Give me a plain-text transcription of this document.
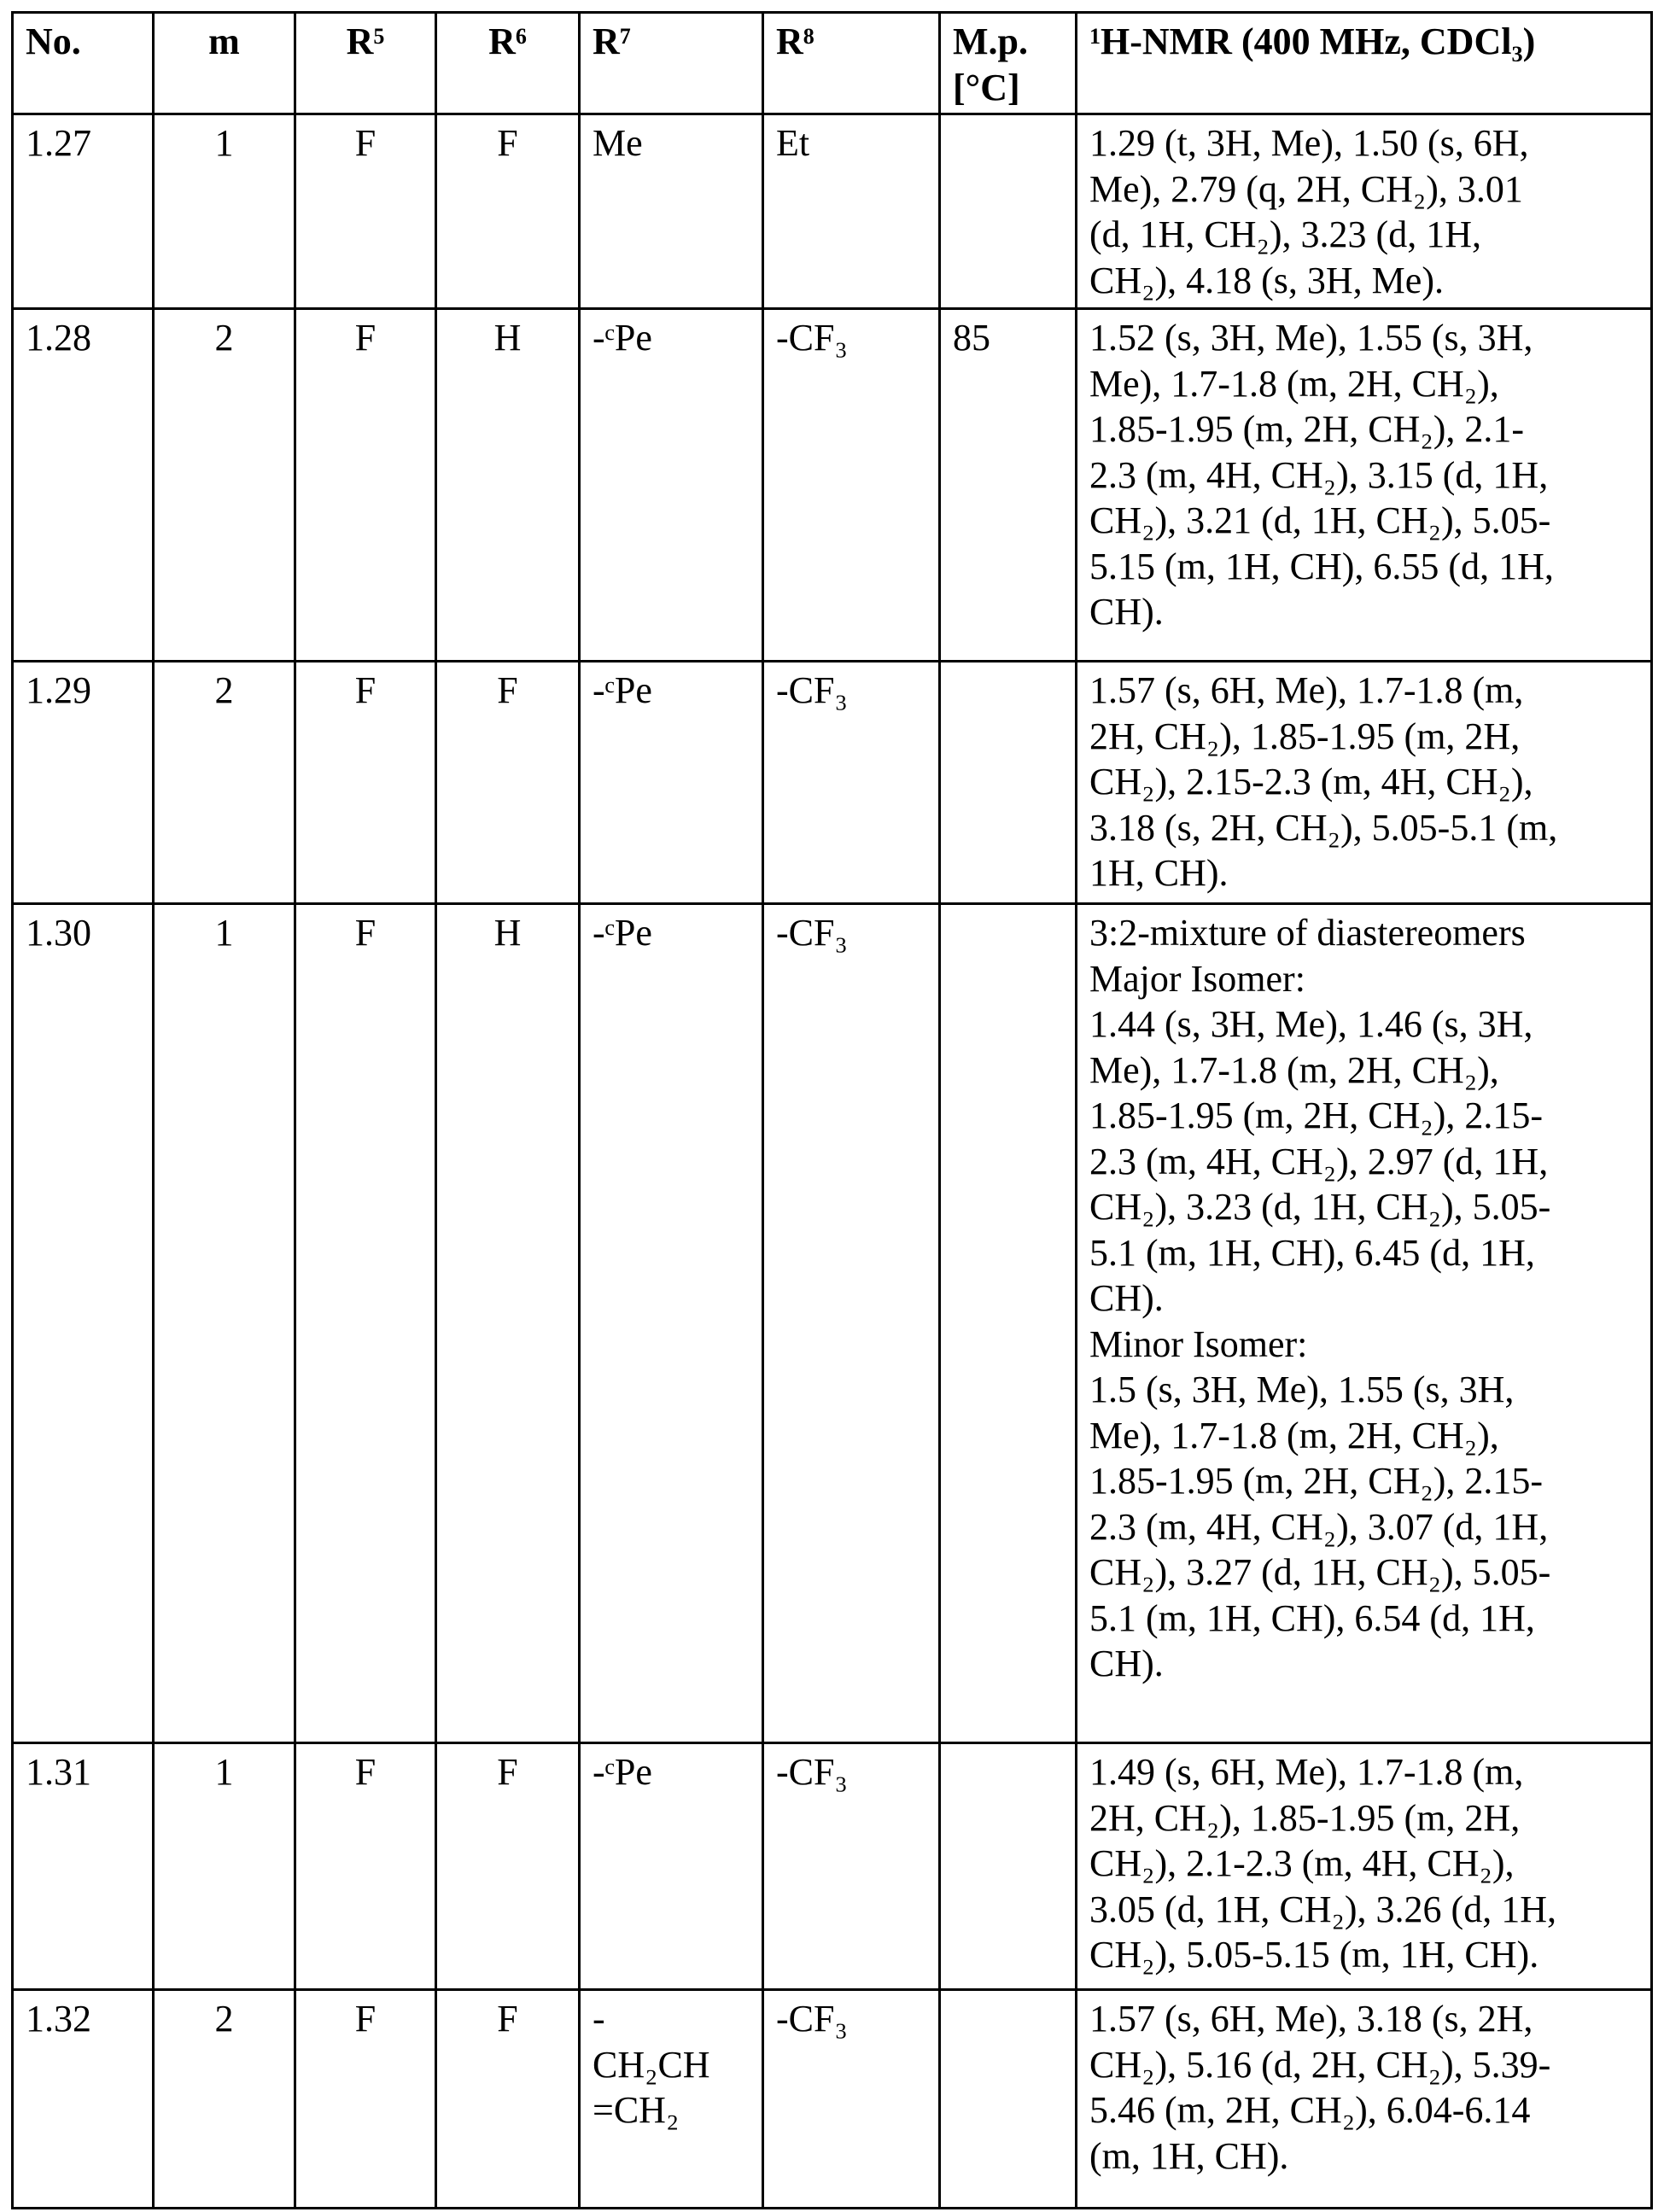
No.	m	R5	R6	R7	R8	M.p.
[°C]
	1H-NMR (400 MHz, CDCl₃)
1.27	1	F	F	Me	Et		1.29 (t, 3H, Me), 1.50 (s, 6H,
Me), 2.79 (q, 2H, CH₂), 3.01
(d, 1H, CH₂), 3.23 (d, 1H,
CH₂), 4.18 (s, 3H, Me).

1.28	2	F	H	-ᶜPe	-CF₃	85	1.52 (s, 3H, Me), 1.55 (s, 3H,
Me), 1.7-1.8 (m, 2H, CH₂),
1.85-1.95 (m, 2H, CH₂), 2.1-
2.3 (m, 4H, CH₂), 3.15 (d, 1H,
CH₂), 3.21 (d, 1H, CH₂), 5.05-
5.15 (m, 1H, CH), 6.55 (d, 1H,
CH).

1.29	2	F	F	-ᶜPe	-CF₃		1.57 (s, 6H, Me), 1.7-1.8 (m,
2H, CH₂), 1.85-1.95 (m, 2H,
CH₂), 2.15-2.3 (m, 4H, CH₂),
3.18 (s, 2H, CH₂), 5.05-5.1 (m,
1H, CH).

1.30	1	F	H	-ᶜPe	-CF₃		3:2-mixture of diastereomers
Major Isomer:
1.44 (s, 3H, Me), 1.46 (s, 3H,
Me), 1.7-1.8 (m, 2H, CH₂),
1.85-1.95 (m, 2H, CH₂), 2.15-
2.3 (m, 4H, CH₂), 2.97 (d, 1H,
CH₂), 3.23 (d, 1H, CH₂), 5.05-
5.1 (m, 1H, CH), 6.45 (d, 1H,
CH).
Minor Isomer:
1.5 (s, 3H, Me), 1.55 (s, 3H,
Me), 1.7-1.8 (m, 2H, CH₂),
1.85-1.95 (m, 2H, CH₂), 2.15-
2.3 (m, 4H, CH₂), 3.07 (d, 1H,
CH₂), 3.27 (d, 1H, CH₂), 5.05-
5.1 (m, 1H, CH), 6.54 (d, 1H,
CH).

1.31	1	F	F	-ᶜPe	-CF₃		1.49 (s, 6H, Me), 1.7-1.8 (m,
2H, CH₂), 1.85-1.95 (m, 2H,
CH₂), 2.1-2.3 (m, 4H, CH₂),
3.05 (d, 1H, CH₂), 3.26 (d, 1H,
CH₂), 5.05-5.15 (m, 1H, CH).

1.32	2	F	F	-
CH₂CH
=CH₂
	-CF₃		1.57 (s, 6H, Me), 3.18 (s, 2H,
CH₂), 5.16 (d, 2H, CH₂), 5.39-
5.46 (m, 2H, CH₂), 6.04-6.14
(m, 1H, CH).
